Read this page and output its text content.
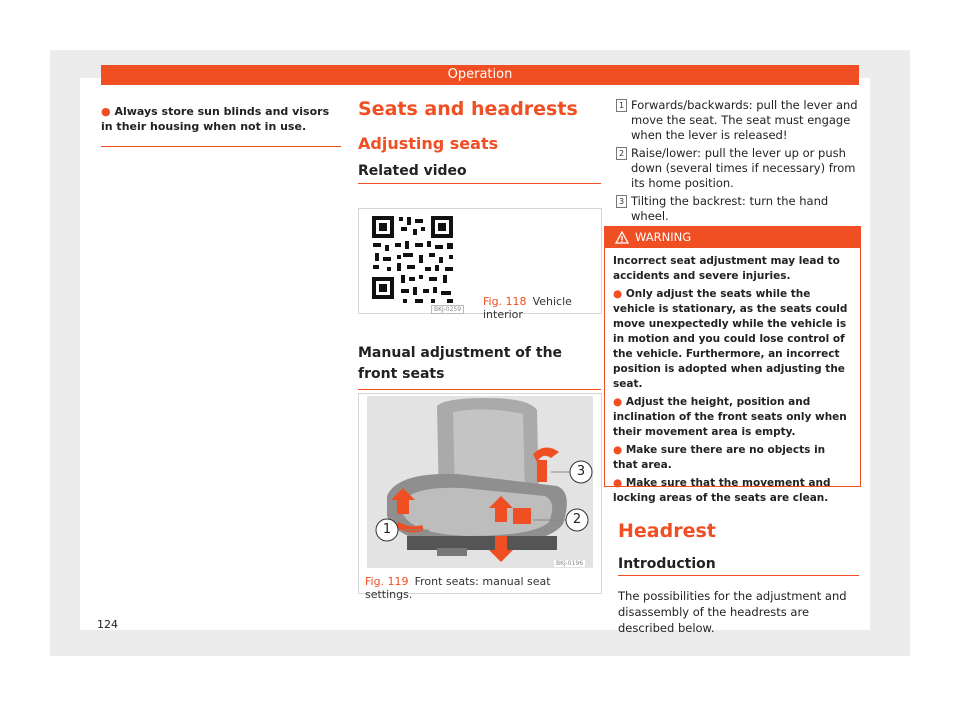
Operation
● Always store sun blinds and visors in their housing when not in use.
Seats and headrests
Adjusting seats
Related video
BKJ-0259
Fig. 118 Vehicle interior
Manual adjustment of the front seats
3
2
1
BKJ-0196
Fig. 119 Front seats: manual seat settings.
1 Forwards/backwards: pull the lever and move the seat. The seat must engage when the lever is released!
2 Raise/lower: pull the lever up or push down (several times if necessary) from its home position.
3 Tilting the backrest: turn the hand wheel.
WARNING

Incorrect seat adjustment may lead to accidents and severe injuries.

● Only adjust the seats while the vehicle is stationary, as the seats could move unexpectedly while the vehicle is in motion and you could lose control of the vehicle. Furthermore, an incorrect position is adopted when adjusting the seat.

● Adjust the height, position and inclination of the front seats only when their movement area is empty.

● Make sure there are no objects in that area.

● Make sure that the movement and locking areas of the seats are clean.

Headrest
Introduction
The possibilities for the adjustment and disassembly of the headrests are described below.
124
